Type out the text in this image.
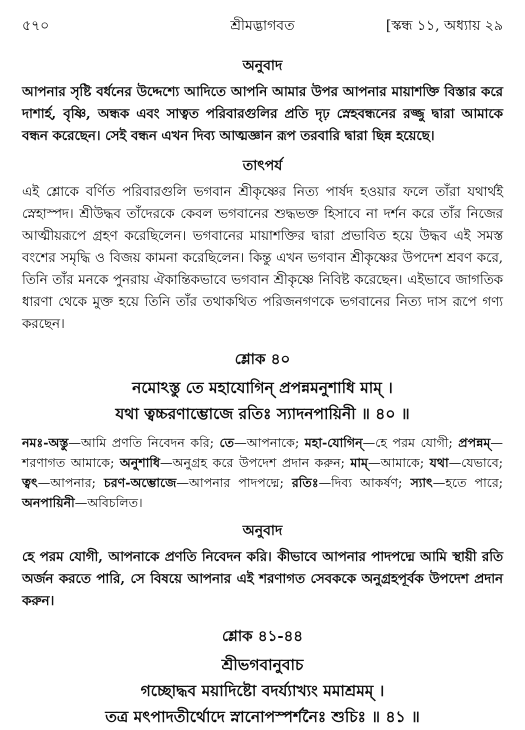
৫৭০	শ্রীমদ্ভাগবত	[স্কন্ধ ১১, অধ্যায় ২৯
অনুবাদ

আপনার সৃষ্টি বর্ধনের উদ্দেশ্যে আদিতে আপনি আমার উপর আপনার মায়াশক্তি বিস্তার করে দাশার্হ, বৃষ্ণি, অন্ধক এবং সাত্বত পরিবারগুলির প্রতি দৃঢ় স্নেহবন্ধনের রজ্জু দ্বারা আমাকে বন্ধন করেছেন। সেই বন্ধন এখন দিব্য আত্মজ্ঞান রূপ তরবারি দ্বারা ছিন্ন হয়েছে।

তাৎপর্য

এই শ্লোকে বর্ণিত পরিবারগুলি ভগবান শ্রীকৃষ্ণের নিত্য পার্ষদ হওয়ার ফলে তাঁরা যথার্থই স্নেহাস্পদ। শ্রীউদ্ধব তাঁদেরকে কেবল ভগবানের শুদ্ধভক্ত হিসাবে না দর্শন করে তাঁর নিজের আত্মীয়রূপে গ্রহণ করেছিলেন। ভগবানের মায়াশক্তির দ্বারা প্রভাবিত হয়ে উদ্ধব এই সমস্ত বংশের সমৃদ্ধি ও বিজয় কামনা করেছিলেন। কিন্তু এখন ভগবান শ্রীকৃষ্ণের উপদেশ শ্রবণ করে, তিনি তাঁর মনকে পুনরায় ঐকান্তিকভাবে ভগবান শ্রীকৃষ্ণে নিবিষ্ট করেছেন। এইভাবে জাগতিক ধারণা থেকে মুক্ত হয়ে তিনি তাঁর তথাকথিত পরিজনগণকে ভগবানের নিত্য দাস রূপে গণ্য করছেন।

শ্লোক ৪০
নমোঽস্তু তে মহাযোগিন্ প্রপন্নমনুশাধি মাম্ ।
যথা ত্বচ্চরণাম্ভোজে রতিঃ স্যাদনপায়িনী ॥ ৪০ ॥
নমঃ-অস্তু—আমি প্রণতি নিবেদন করি; তে—আপনাকে; মহা-যোগিন্—হে পরম যোগী; প্রপন্নম্—শরণাগত আমাকে; অনুশাধি—অনুগ্রহ করে উপদেশ প্রদান করুন; মাম্—আমাকে; যথা—যেভাবে; ত্বৎ—আপনার; চরণ-অম্ভোজে—আপনার পাদপদ্মে; রতিঃ—দিব্য আকর্ষণ; স্যাৎ—হতে পারে; অনপায়িনী—অবিচলিত।
অনুবাদ

হে পরম যোগী, আপনাকে প্রণতি নিবেদন করি। কীভাবে আপনার পাদপদ্মে আমি স্থায়ী রতি অর্জন করতে পারি, সে বিষয়ে আপনার এই শরণাগত সেবককে অনুগ্রহপূর্বক উপদেশ প্রদান করুন।

শ্লোক ৪১-৪৪
শ্রীভগবানুবাচ
গচ্ছোদ্ধব ময়াদিষ্টো বদর্য্যাখ্যং মমাশ্রমম্ ।
তত্র মৎপাদতীর্থোদে স্নানোপস্পর্শনৈঃ শুচিঃ ॥ ৪১ ॥
